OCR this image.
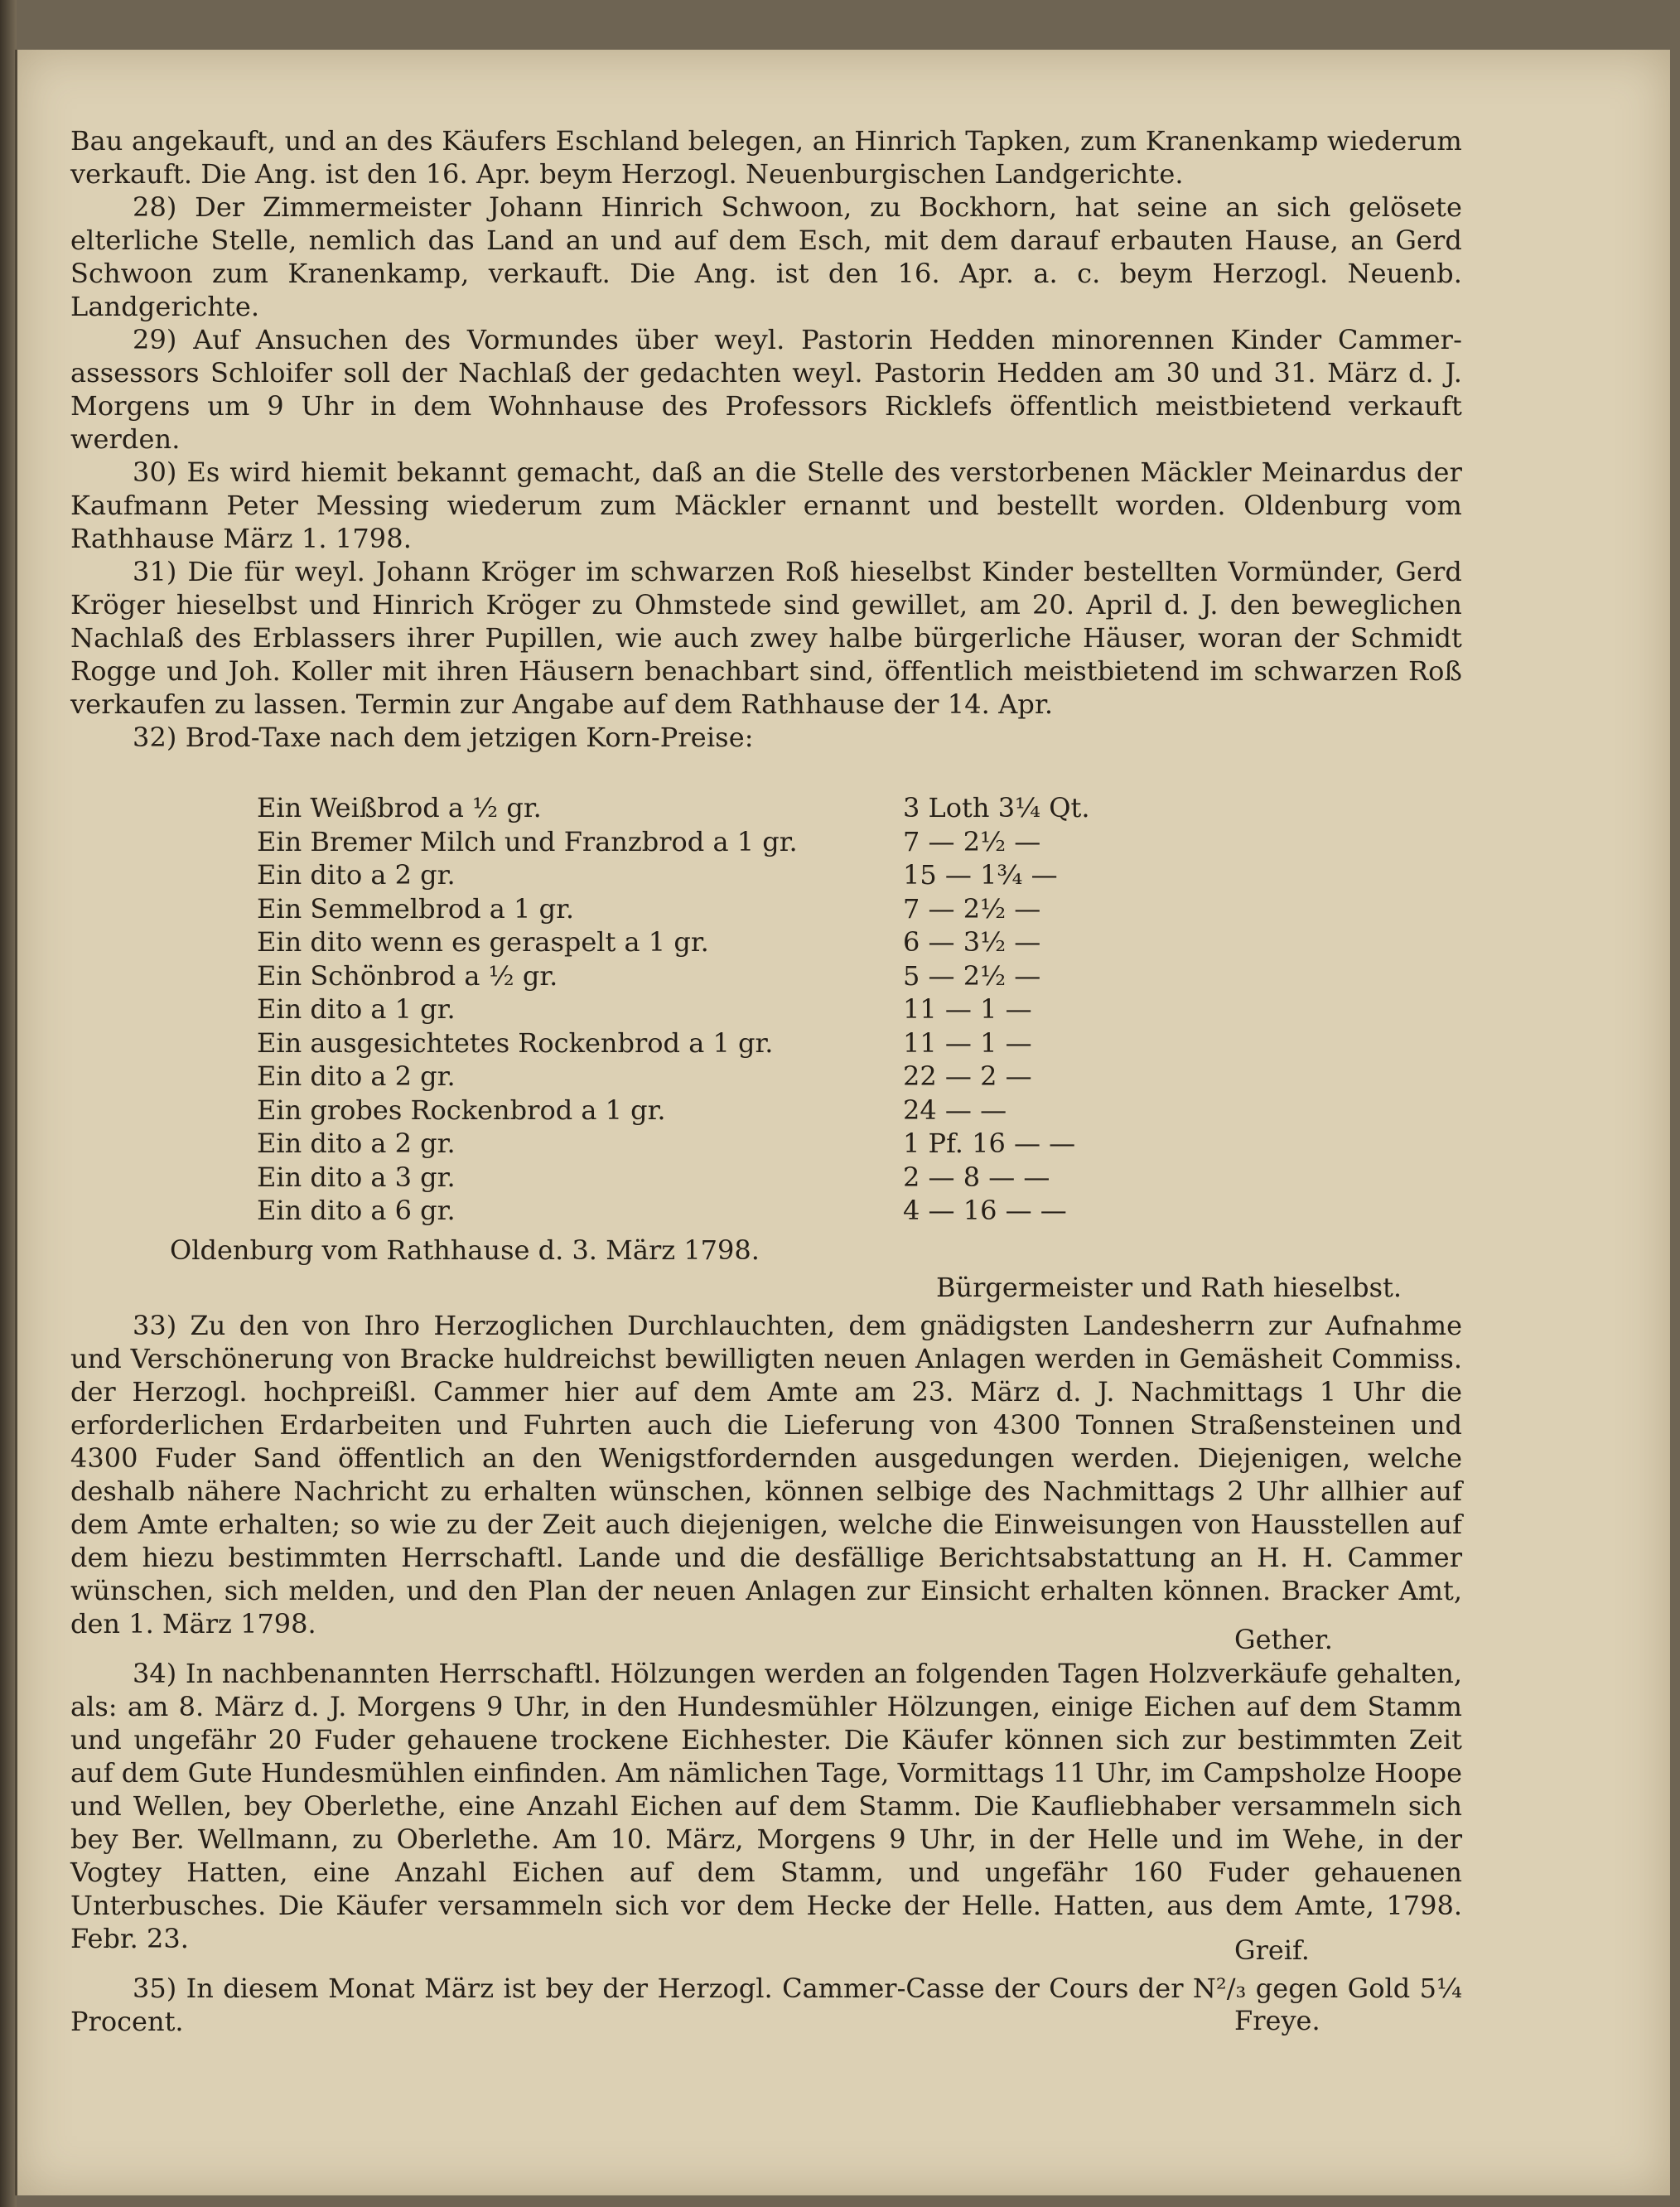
Bau angekauft, und an des Käufers Eschland belegen, an Hinrich Tapken, zum Kranenkamp wiederum verkauft. Die Ang. ist den 16. Apr. beym Herzogl. Neuenburgischen Landgerichte.

28) Der Zimmermeister Johann Hinrich Schwoon, zu Bockhorn, hat seine an sich gelösete elterliche Stelle, nemlich das Land an und auf dem Esch, mit dem darauf erbauten Hause, an Gerd Schwoon zum Kranenkamp, verkauft. Die Ang. ist den 16. Apr. a. c. beym Herzogl. Neuenb. Landgerichte.

29) Auf Ansuchen des Vormundes über weyl. Pastorin Hedden minorennen Kinder Cammer-assessors Schloifer soll der Nachlaß der gedachten weyl. Pastorin Hedden am 30 und 31. März d. J. Morgens um 9 Uhr in dem Wohnhause des Professors Ricklefs öffentlich meistbietend verkauft werden.

30) Es wird hiemit bekannt gemacht, daß an die Stelle des verstorbenen Mäckler Meinardus der Kaufmann Peter Messing wiederum zum Mäckler ernannt und bestellt worden. Oldenburg vom Rathhause März 1. 1798.

31) Die für weyl. Johann Kröger im schwarzen Roß hieselbst Kinder bestellten Vormünder, Gerd Kröger hieselbst und Hinrich Kröger zu Ohmstede sind gewillet, am 20. April d. J. den beweglichen Nachlaß des Erblassers ihrer Pupillen, wie auch zwey halbe bürgerliche Häuser, woran der Schmidt Rogge und Joh. Koller mit ihren Häusern benachbart sind, öffentlich meistbietend im schwarzen Roß verkaufen zu lassen. Termin zur Angabe auf dem Rathhause der 14. Apr.

32) Brod-Taxe nach dem jetzigen Korn-Preise:

Ein Weißbrod a ½ gr.	3 Loth 3¼ Qt.
Ein Bremer Milch und Franzbrod a 1 gr.	7 — 2½ —
Ein dito a 2 gr.	15 — 1¾ —
Ein Semmelbrod a 1 gr.	7 — 2½ —
Ein dito wenn es geraspelt a 1 gr.	6 — 3½ —
Ein Schönbrod a ½ gr.	5 — 2½ —
Ein dito a 1 gr.	11 — 1 —
Ein ausgesichtetes Rockenbrod a 1 gr.	11 — 1 —
Ein dito a 2 gr.	22 — 2 —
Ein grobes Rockenbrod a 1 gr.	24 — —
Ein dito a 2 gr.	1 Pf. 16 — —
Ein dito a 3 gr.	2 — 8 — —
Ein dito a 6 gr.	4 — 16 — —
Oldenburg vom Rathhause d. 3. März 1798.
Bürgermeister und Rath hieselbst.

33) Zu den von Ihro Herzoglichen Durchlauchten, dem gnädigsten Landesherrn zur Aufnahme und Verschönerung von Bracke huldreichst bewilligten neuen Anlagen werden in Gemäsheit Commiss. der Herzogl. hochpreißl. Cammer hier auf dem Amte am 23. März d. J. Nachmittags 1 Uhr die erforderlichen Erdarbeiten und Fuhrten auch die Lieferung von 4300 Tonnen Straßensteinen und 4300 Fuder Sand öffentlich an den Wenigstfordernden ausgedungen werden. Diejenigen, welche deshalb nähere Nachricht zu erhalten wünschen, können selbige des Nachmittags 2 Uhr allhier auf dem Amte erhalten; so wie zu der Zeit auch diejenigen, welche die Einweisungen von Hausstellen auf dem hiezu bestimmten Herrschaftl. Lande und die desfällige Berichtsabstattung an H. H. Cammer wünschen, sich melden, und den Plan der neuen Anlagen zur Einsicht erhalten können. Bracker Amt, den 1. März 1798.	Gether.

34) In nachbenannten Herrschaftl. Hölzungen werden an folgenden Tagen Holzverkäufe gehalten, als: am 8. März d. J. Morgens 9 Uhr, in den Hundesmühler Hölzungen, einige Eichen auf dem Stamm und ungefähr 20 Fuder gehauene trockene Eichhester. Die Käufer können sich zur bestimmten Zeit auf dem Gute Hundesmühlen einfinden. Am nämlichen Tage, Vormittags 11 Uhr, im Campsholze Hoope und Wellen, bey Oberlethe, eine Anzahl Eichen auf dem Stamm. Die Kaufliebhaber versammeln sich bey Ber. Wellmann, zu Oberlethe. Am 10. März, Morgens 9 Uhr, in der Helle und im Wehe, in der Vogtey Hatten, eine Anzahl Eichen auf dem Stamm, und ungefähr 160 Fuder gehauenen Unterbusches. Die Käufer versammeln sich vor dem Hecke der Helle. Hatten, aus dem Amte, 1798. Febr. 23.	Greif.

35) In diesem Monat März ist bey der Herzogl. Cammer-Casse der Cours der N²/₃ gegen Gold 5¼ Procent.	Freye.
